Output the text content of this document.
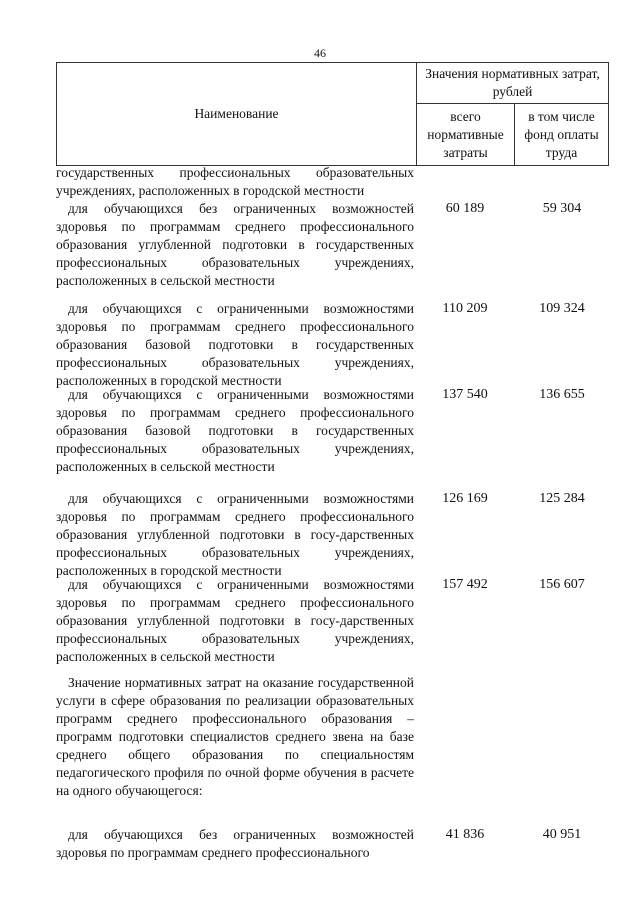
46
Наименование	Значения нормативных затрат, рублей	
	всего нормативные затраты	в том числе фонд оплаты труда
государственных профессиональных образовательных учреждениях, расположенных в городской местности
для обучающихся без ограниченных возможностей здоровья по программам среднего профессионального образования углубленной подготовки в государственных профессиональных образовательных учреждениях, расположенных в сельской местности
60 189	59 304
для обучающихся с ограниченными возможностями здоровья по программам среднего профессионального образования базовой подготовки в государственных профессиональных образовательных учреждениях, расположенных в городской местности
110 209	109 324
для обучающихся с ограниченными возможностями здоровья по программам среднего профессионального образования базовой подготовки в государственных профессиональных образовательных учреждениях, расположенных в сельской местности
137 540	136 655
для обучающихся с ограниченными возможностями здоровья по программам среднего профессионального образования углубленной подготовки в госу-дарственных профессиональных образовательных учреждениях, расположенных в городской местности
126 169	125 284
для обучающихся с ограниченными возможностями здоровья по программам среднего профессионального образования углубленной подготовки в госу-дарственных профессиональных образовательных учреждениях, расположенных в сельской местности
157 492	156 607
Значение нормативных затрат на оказание государственной услуги в сфере образования по реализации образовательных программ среднего профессионального образования – программ подготовки специалистов среднего звена на базе среднего общего образования по специальностям педагогического профиля по очной форме обучения в расчете на одного обучающегося:
для обучающихся без ограниченных возможностей здоровья по программам среднего профессионального
41 836	40 951
